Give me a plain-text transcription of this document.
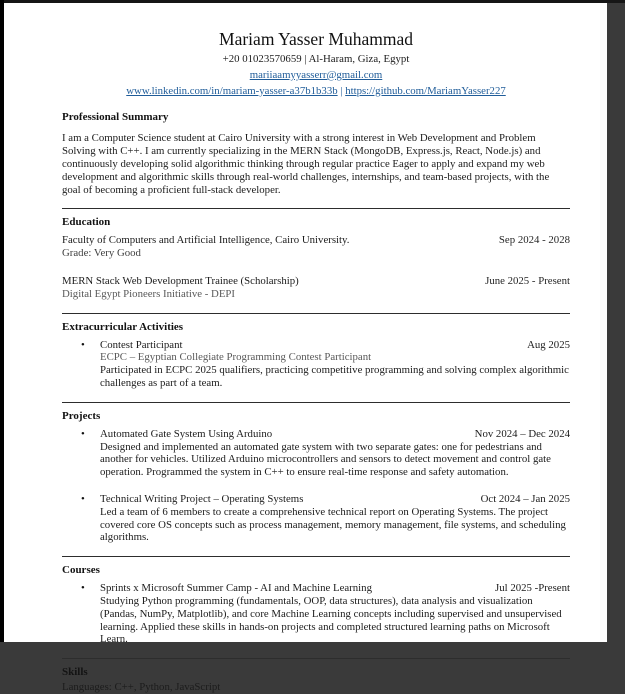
Mariam Yasser Muhammad

+20 01023570659 | Al-Haram, Giza, Egypt

mariiaamyyasserr@gmail.com

www.linkedin.com/in/mariam-yasser-a37b1b33b | https://github.com/MariamYasser227

Professional Summary

I am a Computer Science student at Cairo University with a strong interest in Web Development and Problem Solving with C++. I am currently specializing in the MERN Stack (MongoDB, Express.js, React, Node.js) and continuously developing solid algorithmic thinking through regular practice Eager to apply and expand my web development and algorithmic skills through real-world challenges, internships, and team-based projects, with the goal of becoming a proficient full-stack developer.

Education
Faculty of Computers and Artificial Intelligence, Cairo University.	Sep 2024 - 2028
Grade: Very Good
MERN Stack Web Development Trainee (Scholarship)	June 2025 - Present
Digital Egypt Pioneers Initiative - DEPI
Extracurricular Activities
•	Contest Participant	Aug 2025
ECPC – Egyptian Collegiate Programming Contest Participant
Participated in ECPC 2025 qualifiers, practicing competitive programming and solving complex algorithmic challenges as part of a team.
Projects
•	Automated Gate System Using Arduino	Nov 2024 – Dec 2024
Designed and implemented an automated gate system with two separate gates: one for pedestrians and another for vehicles. Utilized Arduino microcontrollers and sensors to detect movement and control gate operation. Programmed the system in C++ to ensure real-time response and safety automation.
•	Technical Writing Project – Operating Systems	Oct 2024 – Jan 2025
Led a team of 6 members to create a comprehensive technical report on Operating Systems. The project covered core OS concepts such as process management, memory management, file systems, and scheduling algorithms.
Courses
•	Sprints x Microsoft Summer Camp - AI and Machine Learning	Jul 2025 -Present
Studying Python programming (fundamentals, OOP, data structures), data analysis and visualization (Pandas, NumPy, Matplotlib), and core Machine Learning concepts including supervised and unsupervised learning. Applied these skills in hands-on projects and completed structured learning paths on Microsoft Learn.
Skills

Languages: C++, Python, JavaScript
